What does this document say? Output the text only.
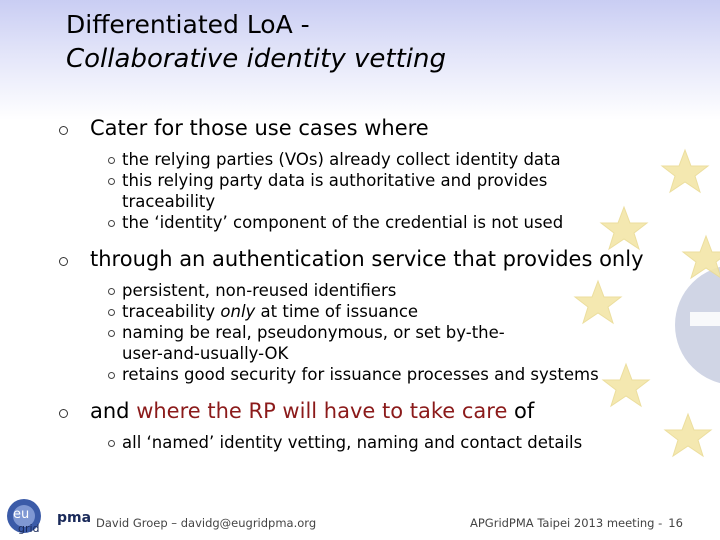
Differentiated LoA -
Collaborative identity vetting
Cater for those use cases where
the relying parties (VOs) already collect identity data
this relying party data is authoritative and provides traceability
the ‘identity’ component of the credential is not used
through an authentication service that provides only
persistent, non-reused identifiers
traceability only at time of issuance
naming be real, pseudonymous, or set by-the-user-and-usually-OK
retains good security for issuance processes and systems
and where the RP will have to take care of
all ‘named’ identity vetting, naming and contact details
eu
grid
pma David Groep – davidg@eugridpma.org	APGridPMA Taipei 2013 meeting - 16
